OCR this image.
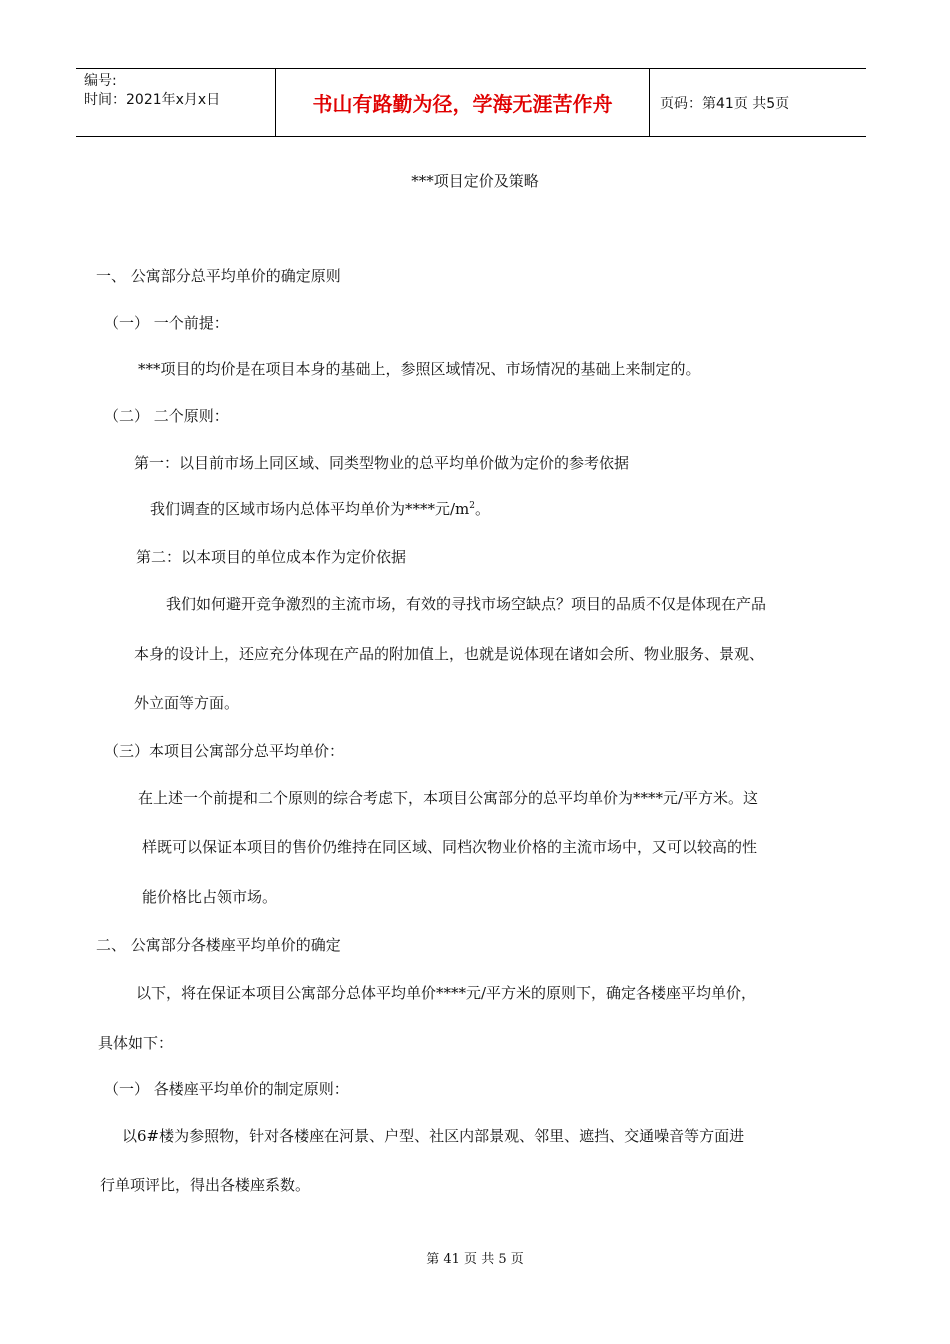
编号:
时间：2021年x月x日	书山有路勤为径，学海无涯苦作舟	页码：第41页 共5页
***项目定价及策略
一、 公寓部分总平均单价的确定原则
（一） 一个前提：
***项目的均价是在项目本身的基础上，参照区域情况、市场情况的基础上来制定的。
（二） 二个原则：
第一：以目前市场上同区域、同类型物业的总平均单价做为定价的参考依据
我们调查的区域市场内总体平均单价为****元$/m^2$。
第二：以本项目的单位成本作为定价依据
我们如何避开竞争激烈的主流市场，有效的寻找市场空缺点？项目的品质不仅是体现在产品
本身的设计上，还应充分体现在产品的附加值上，也就是说体现在诸如会所、物业服务、景观、
外立面等方面。
（三）本项目公寓部分总平均单价：
在上述一个前提和二个原则的综合考虑下，本项目公寓部分的总平均单价为****元/平方米。这
样既可以保证本项目的售价仍维持在同区域、同档次物业价格的主流市场中，又可以较高的性
能价格比占领市场。
二、 公寓部分各楼座平均单价的确定
以下，将在保证本项目公寓部分总体平均单价****元/平方米的原则下，确定各楼座平均单价，
具体如下：
（一） 各楼座平均单价的制定原则：
以6#楼为参照物，针对各楼座在河景、户型、社区内部景观、邻里、遮挡、交通噪音等方面进
行单项评比，得出各楼座系数。
第 41 页 共 5 页
